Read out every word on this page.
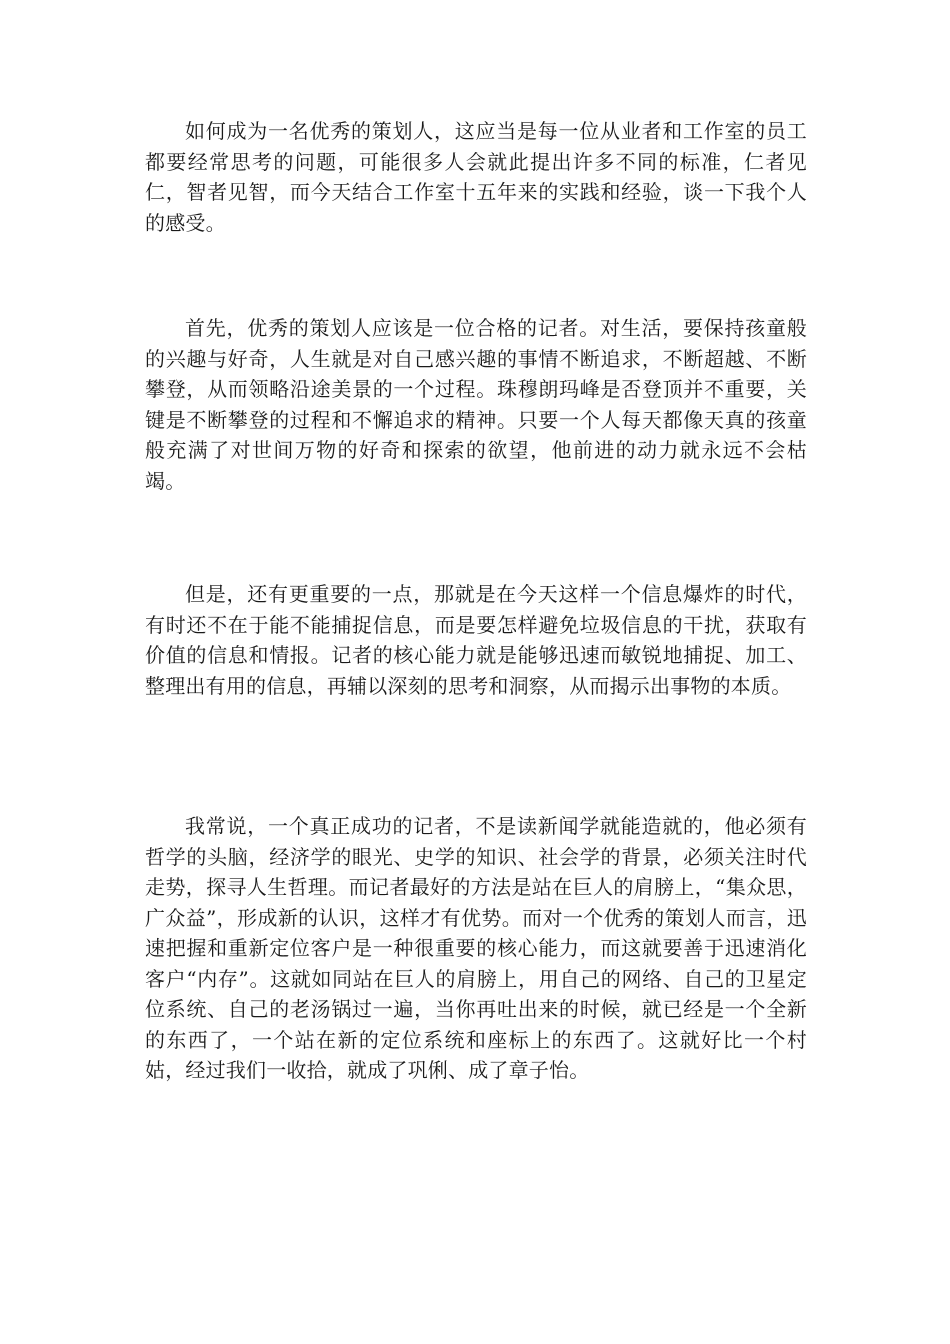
如何成为一名优秀的策划人，这应当是每一位从业者和工作室的员工都要经常思考的问题，可能很多人会就此提出许多不同的标准，仁者见仁，智者见智，而今天结合工作室十五年来的实践和经验，谈一下我个人的感受。

首先，优秀的策划人应该是一位合格的记者。对生活，要保持孩童般的兴趣与好奇，人生就是对自己感兴趣的事情不断追求，不断超越、不断攀登，从而领略沿途美景的一个过程。珠穆朗玛峰是否登顶并不重要，关键是不断攀登的过程和不懈追求的精神。只要一个人每天都像天真的孩童般充满了对世间万物的好奇和探索的欲望，他前进的动力就永远不会枯竭。

但是，还有更重要的一点，那就是在今天这样一个信息爆炸的时代，有时还不在于能不能捕捉信息，而是要怎样避免垃圾信息的干扰，获取有价值的信息和情报。记者的核心能力就是能够迅速而敏锐地捕捉、加工、整理出有用的信息，再辅以深刻的思考和洞察，从而揭示出事物的本质。

我常说，一个真正成功的记者，不是读新闻学就能造就的，他必须有哲学的头脑，经济学的眼光、史学的知识、社会学的背景，必须关注时代走势，探寻人生哲理。而记者最好的方法是站在巨人的肩膀上，“集众思，广众益”，形成新的认识，这样才有优势。而对一个优秀的策划人而言，迅速把握和重新定位客户是一种很重要的核心能力，而这就要善于迅速消化客户“内存”。这就如同站在巨人的肩膀上，用自己的网络、自己的卫星定位系统、自己的老汤锅过一遍，当你再吐出来的时候，就已经是一个全新的东西了，一个站在新的定位系统和座标上的东西了。这就好比一个村姑，经过我们一收拾，就成了巩俐、成了章子怡。
